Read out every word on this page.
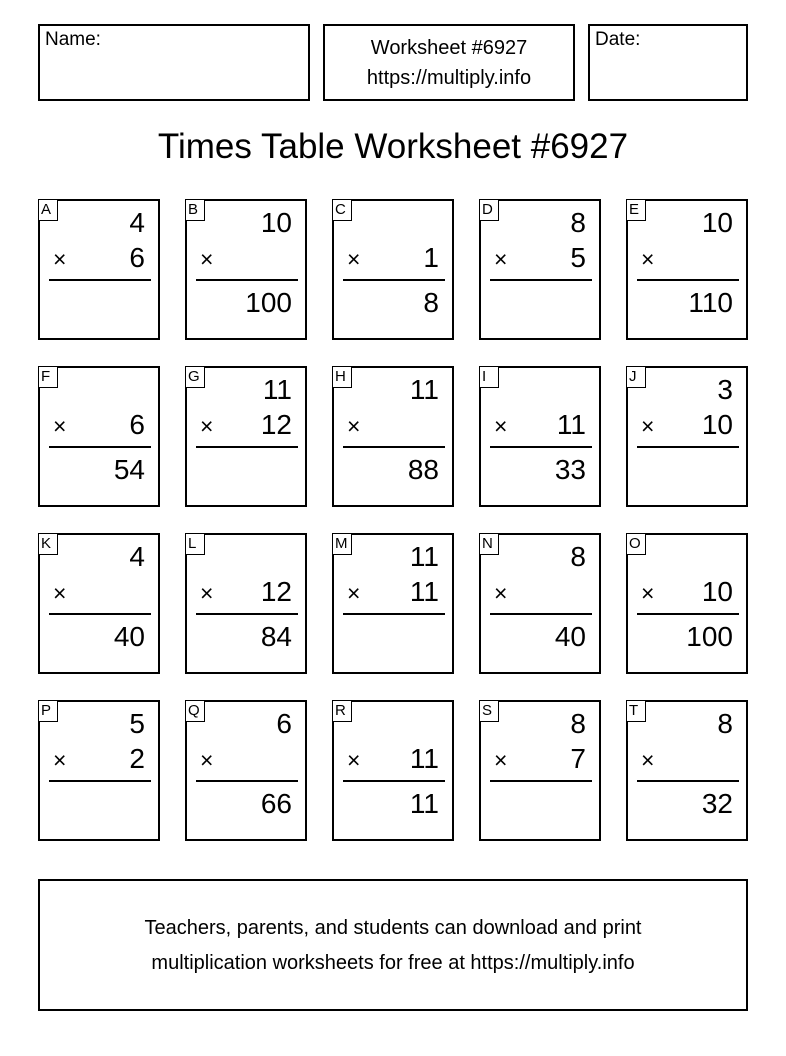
Name:	Worksheet #6927
https://multiply.info
Date:
Times Table Worksheet #6927
A	4
× 6
B 10
×
100
C
× 1
8
D	8
× 5
E 10
×
110
F
× 6
54
G 11
× 12
H 11
×
88
I
× 11
33
J	3
× 10
K	4
×
40
L
× 12
84
M 11
× 11
N	8
×
40
O
× 10
100
P	5
× 2
Q	6
×
66
R
× 11
11
S	8
× 7
T	8
×
32
Teachers, parents, and students can download and print
multiplication worksheets for free at https://multiply.info
